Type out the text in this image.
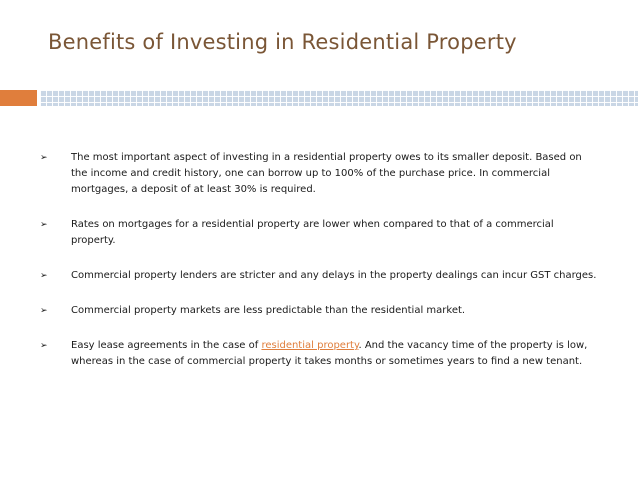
Benefits of Investing in Residential Property
➢ The most important aspect of investing in a residential property owes to its smaller deposit. Based on the income and credit history, one can borrow up to 100% of the purchase price. In commercial mortgages, a deposit of at least 30% is required.
➢ Rates on mortgages for a residential property are lower when compared to that of a commercial property.
➢ Commercial property lenders are stricter and any delays in the property dealings can incur GST charges.
➢ Commercial property markets are less predictable than the residential market.
➢ Easy lease agreements in the case of residential property. And the vacancy time of the property is low, whereas in the case of commercial property it takes months or sometimes years to find a new tenant.
